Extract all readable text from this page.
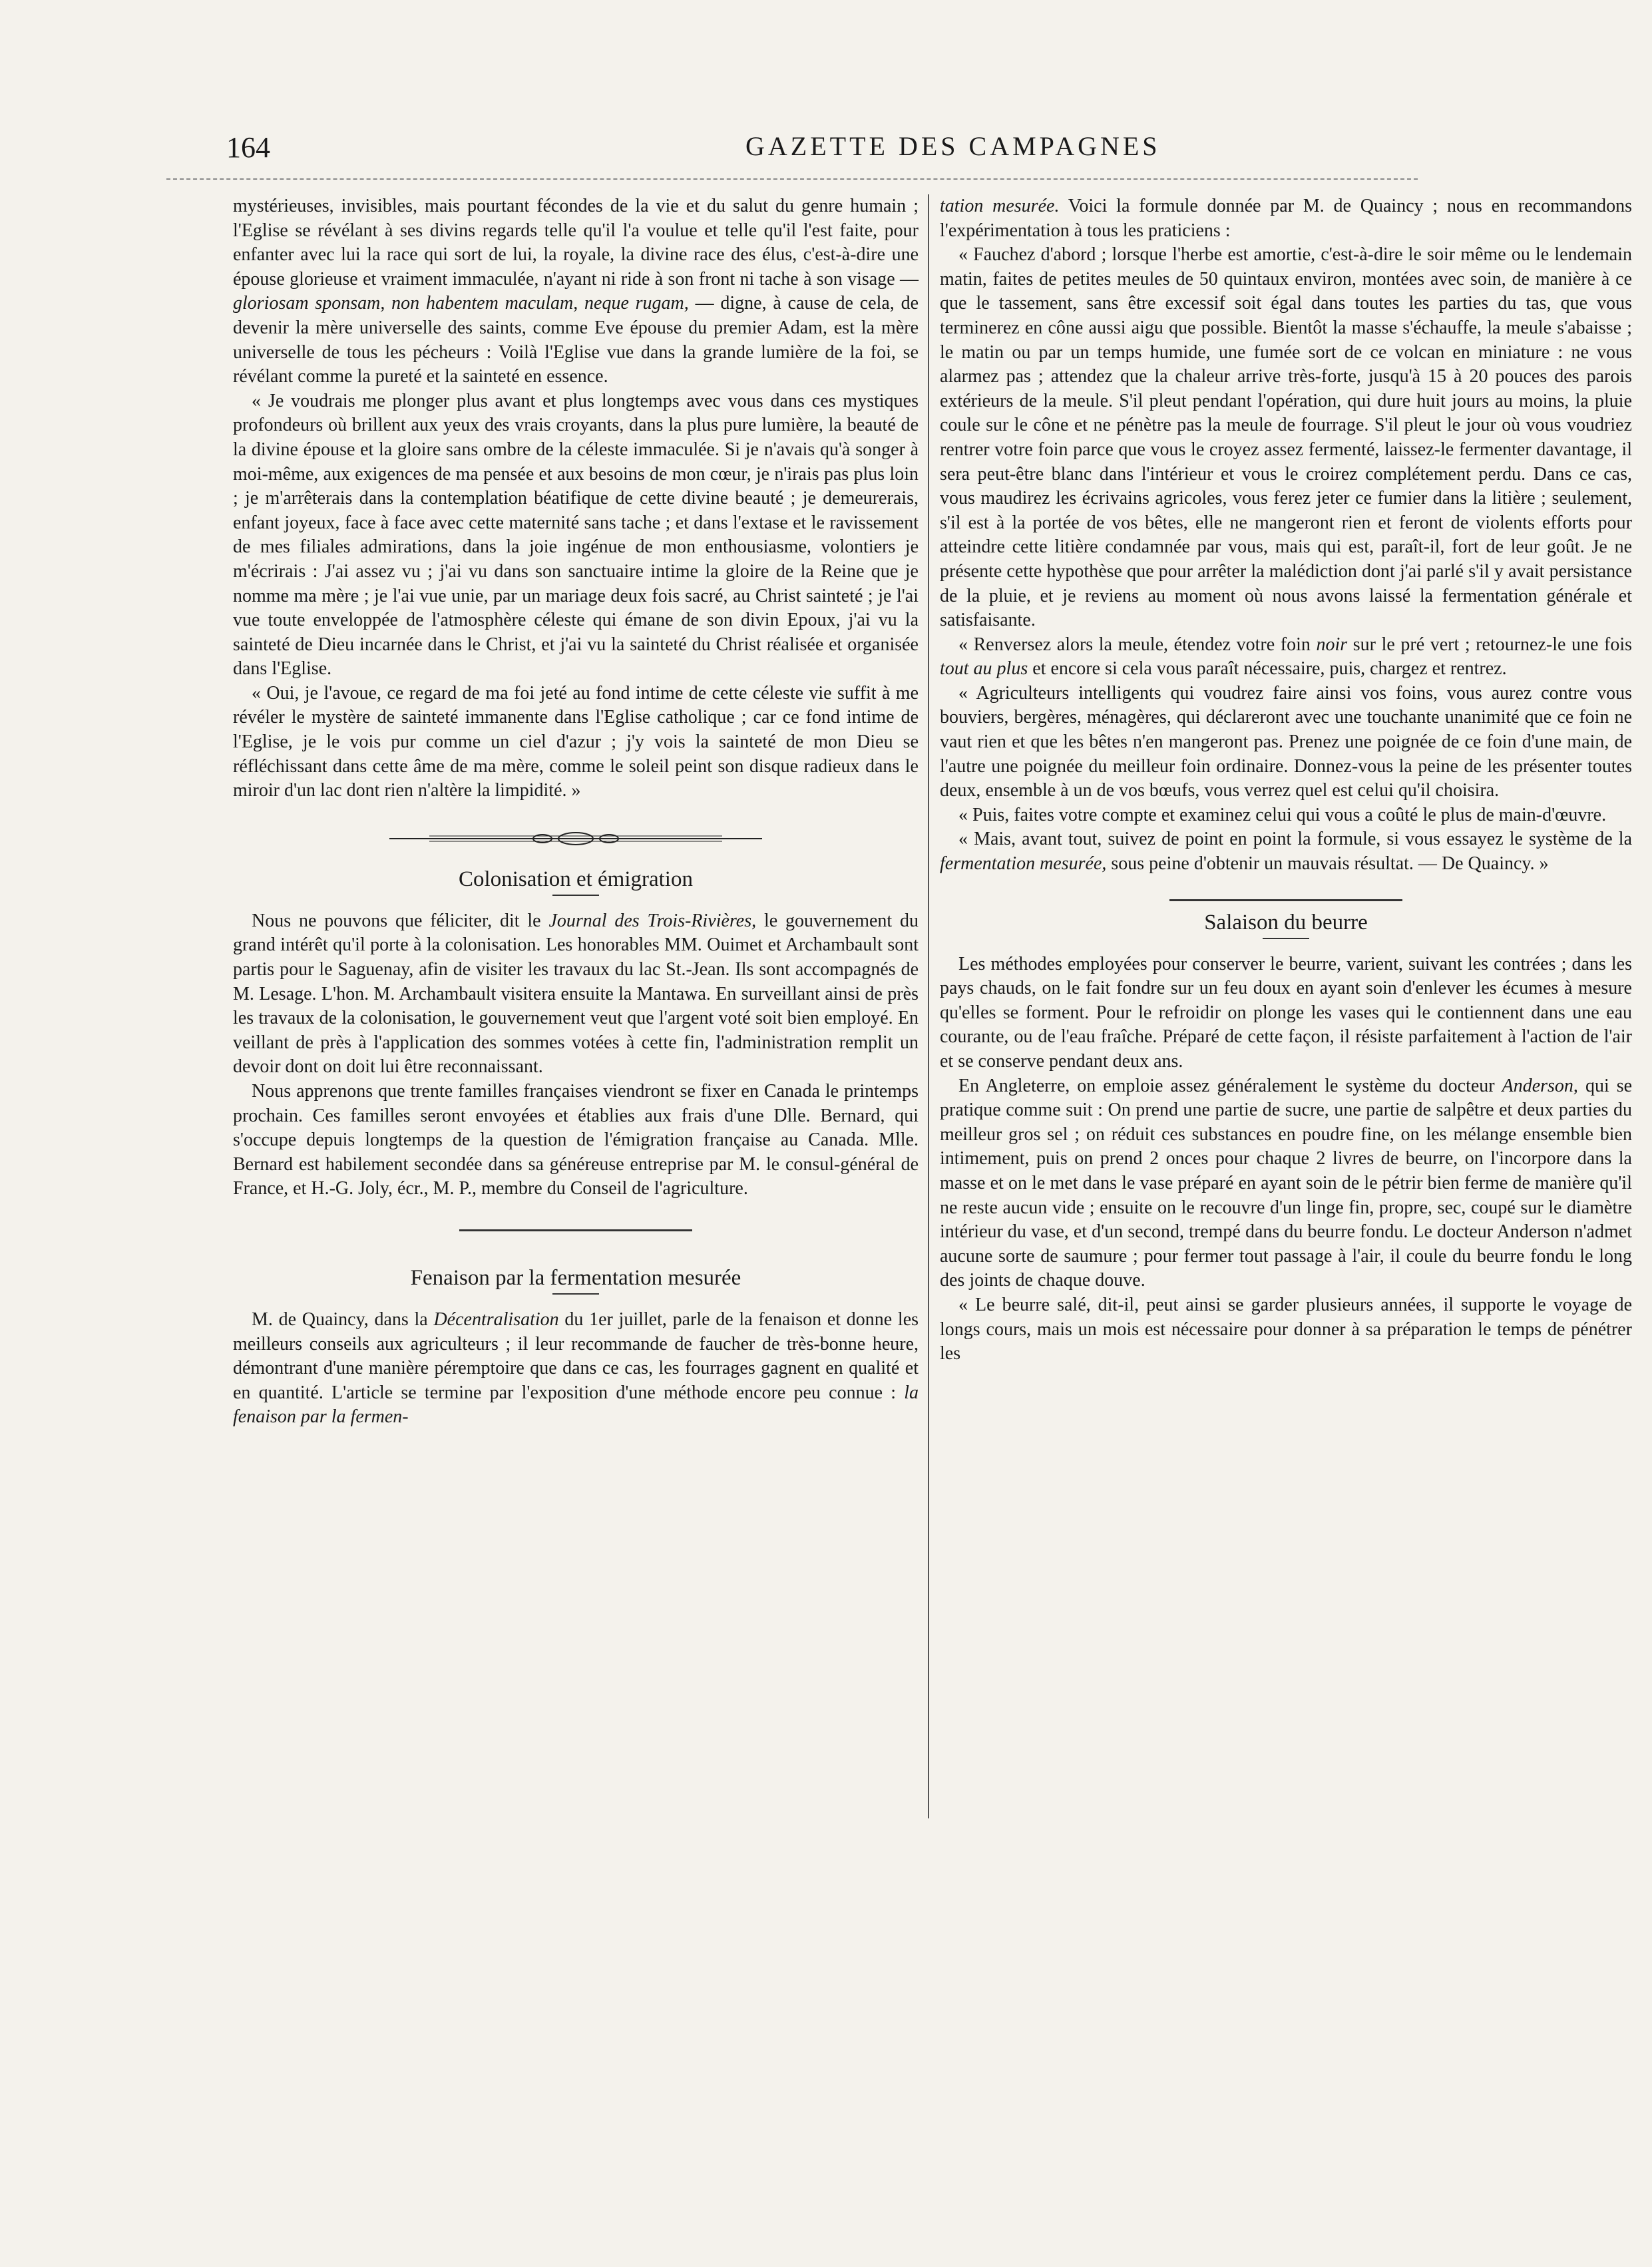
164	GAZETTE DES CAMPAGNES

mystérieuses, invisibles, mais pourtant fécondes de la vie et du salut du genre humain ; l'Eglise se révélant à ses divins regards telle qu'il l'a voulue et telle qu'il l'est faite, pour enfanter avec lui la race qui sort de lui, la royale, la divine race des élus, c'est-à-dire une épouse glorieuse et vraiment immaculée, n'ayant ni ride à son front ni tache à son visage — gloriosam sponsam, non habentem maculam, neque rugam, — digne, à cause de cela, de devenir la mère universelle des saints, comme Eve épouse du premier Adam, est la mère universelle de tous les pécheurs : Voilà l'Eglise vue dans la grande lumière de la foi, se révélant comme la pureté et la sainteté en essence.

« Je voudrais me plonger plus avant et plus longtemps avec vous dans ces mystiques profondeurs où brillent aux yeux des vrais croyants, dans la plus pure lumière, la beauté de la divine épouse et la gloire sans ombre de la céleste immaculée. Si je n'avais qu'à songer à moi-même, aux exigences de ma pensée et aux besoins de mon cœur, je n'irais pas plus loin ; je m'arrêterais dans la contemplation béatifique de cette divine beauté ; je demeurerais, enfant joyeux, face à face avec cette maternité sans tache ; et dans l'extase et le ravissement de mes filiales admirations, dans la joie ingénue de mon enthousiasme, volontiers je m'écrirais : J'ai assez vu ; j'ai vu dans son sanctuaire intime la gloire de la Reine que je nomme ma mère ; je l'ai vue unie, par un mariage deux fois sacré, au Christ sainteté ; je l'ai vue toute enveloppée de l'atmosphère céleste qui émane de son divin Epoux, j'ai vu la sainteté de Dieu incarnée dans le Christ, et j'ai vu la sainteté du Christ réalisée et organisée dans l'Eglise.

« Oui, je l'avoue, ce regard de ma foi jeté au fond intime de cette céleste vie suffit à me révéler le mystère de sainteté immanente dans l'Eglise catholique ; car ce fond intime de l'Eglise, je le vois pur comme un ciel d'azur ; j'y vois la sainteté de mon Dieu se réfléchissant dans cette âme de ma mère, comme le soleil peint son disque radieux dans le miroir d'un lac dont rien n'altère la limpidité. »

Colonisation et émigration

Nous ne pouvons que féliciter, dit le Journal des Trois-Rivières, le gouvernement du grand intérêt qu'il porte à la colonisation. Les honorables MM. Ouimet et Archambault sont partis pour le Saguenay, afin de visiter les travaux du lac St.-Jean. Ils sont accompagnés de M. Lesage. L'hon. M. Archambault visitera ensuite la Mantawa. En surveillant ainsi de près les travaux de la colonisation, le gouvernement veut que l'argent voté soit bien employé. En veillant de près à l'application des sommes votées à cette fin, l'administration remplit un devoir dont on doit lui être reconnaissant.

Nous apprenons que trente familles françaises viendront se fixer en Canada le printemps prochain. Ces familles seront envoyées et établies aux frais d'une Dlle. Bernard, qui s'occupe depuis longtemps de la question de l'émigration française au Canada. Mlle. Bernard est habilement secondée dans sa généreuse entreprise par M. le consul-général de France, et H.-G. Joly, écr., M. P., membre du Conseil de l'agriculture.

Fenaison par la fermentation mesurée

M. de Quaincy, dans la Décentralisation du 1er juillet, parle de la fenaison et donne les meilleurs conseils aux agriculteurs ; il leur recommande de faucher de très-bonne heure, démontrant d'une manière péremptoire que dans ce cas, les fourrages gagnent en qualité et en quantité. L'article se termine par l'exposition d'une méthode encore peu connue : la fenaison par la fermen-

tation mesurée. Voici la formule donnée par M. de Quaincy ; nous en recommandons l'expérimentation à tous les praticiens :

« Fauchez d'abord ; lorsque l'herbe est amortie, c'est-à-dire le soir même ou le lendemain matin, faites de petites meules de 50 quintaux environ, montées avec soin, de manière à ce que le tassement, sans être excessif soit égal dans toutes les parties du tas, que vous terminerez en cône aussi aigu que possible. Bientôt la masse s'échauffe, la meule s'abaisse ; le matin ou par un temps humide, une fumée sort de ce volcan en miniature : ne vous alarmez pas ; attendez que la chaleur arrive très-forte, jusqu'à 15 à 20 pouces des parois extérieurs de la meule. S'il pleut pendant l'opération, qui dure huit jours au moins, la pluie coule sur le cône et ne pénètre pas la meule de fourrage. S'il pleut le jour où vous voudriez rentrer votre foin parce que vous le croyez assez fermenté, laissez-le fermenter davantage, il sera peut-être blanc dans l'intérieur et vous le croirez complétement perdu. Dans ce cas, vous maudirez les écrivains agricoles, vous ferez jeter ce fumier dans la litière ; seulement, s'il est à la portée de vos bêtes, elle ne mangeront rien et feront de violents efforts pour atteindre cette litière condamnée par vous, mais qui est, paraît-il, fort de leur goût. Je ne présente cette hypothèse que pour arrêter la malédiction dont j'ai parlé s'il y avait persistance de la pluie, et je reviens au moment où nous avons laissé la fermentation générale et satisfaisante.

« Renversez alors la meule, étendez votre foin noir sur le pré vert ; retournez-le une fois tout au plus et encore si cela vous paraît nécessaire, puis, chargez et rentrez.

« Agriculteurs intelligents qui voudrez faire ainsi vos foins, vous aurez contre vous bouviers, bergères, ménagères, qui déclareront avec une touchante unanimité que ce foin ne vaut rien et que les bêtes n'en mangeront pas. Prenez une poignée de ce foin d'une main, de l'autre une poignée du meilleur foin ordinaire. Donnez-vous la peine de les présenter toutes deux, ensemble à un de vos bœufs, vous verrez quel est celui qu'il choisira.

« Puis, faites votre compte et examinez celui qui vous a coûté le plus de main-d'œuvre.

« Mais, avant tout, suivez de point en point la formule, si vous essayez le système de la fermentation mesurée, sous peine d'obtenir un mauvais résultat. — De Quaincy. »

Salaison du beurre

Les méthodes employées pour conserver le beurre, varient, suivant les contrées ; dans les pays chauds, on le fait fondre sur un feu doux en ayant soin d'enlever les écumes à mesure qu'elles se forment. Pour le refroidir on plonge les vases qui le contiennent dans une eau courante, ou de l'eau fraîche. Préparé de cette façon, il résiste parfaitement à l'action de l'air et se conserve pendant deux ans.

En Angleterre, on emploie assez généralement le système du docteur Anderson, qui se pratique comme suit : On prend une partie de sucre, une partie de salpêtre et deux parties du meilleur gros sel ; on réduit ces substances en poudre fine, on les mélange ensemble bien intimement, puis on prend 2 onces pour chaque 2 livres de beurre, on l'incorpore dans la masse et on le met dans le vase préparé en ayant soin de le pétrir bien ferme de manière qu'il ne reste aucun vide ; ensuite on le recouvre d'un linge fin, propre, sec, coupé sur le diamètre intérieur du vase, et d'un second, trempé dans du beurre fondu. Le docteur Anderson n'admet aucune sorte de saumure ; pour fermer tout passage à l'air, il coule du beurre fondu le long des joints de chaque douve.

« Le beurre salé, dit-il, peut ainsi se garder plusieurs années, il supporte le voyage de longs cours, mais un mois est nécessaire pour donner à sa préparation le temps de pénétrer les
